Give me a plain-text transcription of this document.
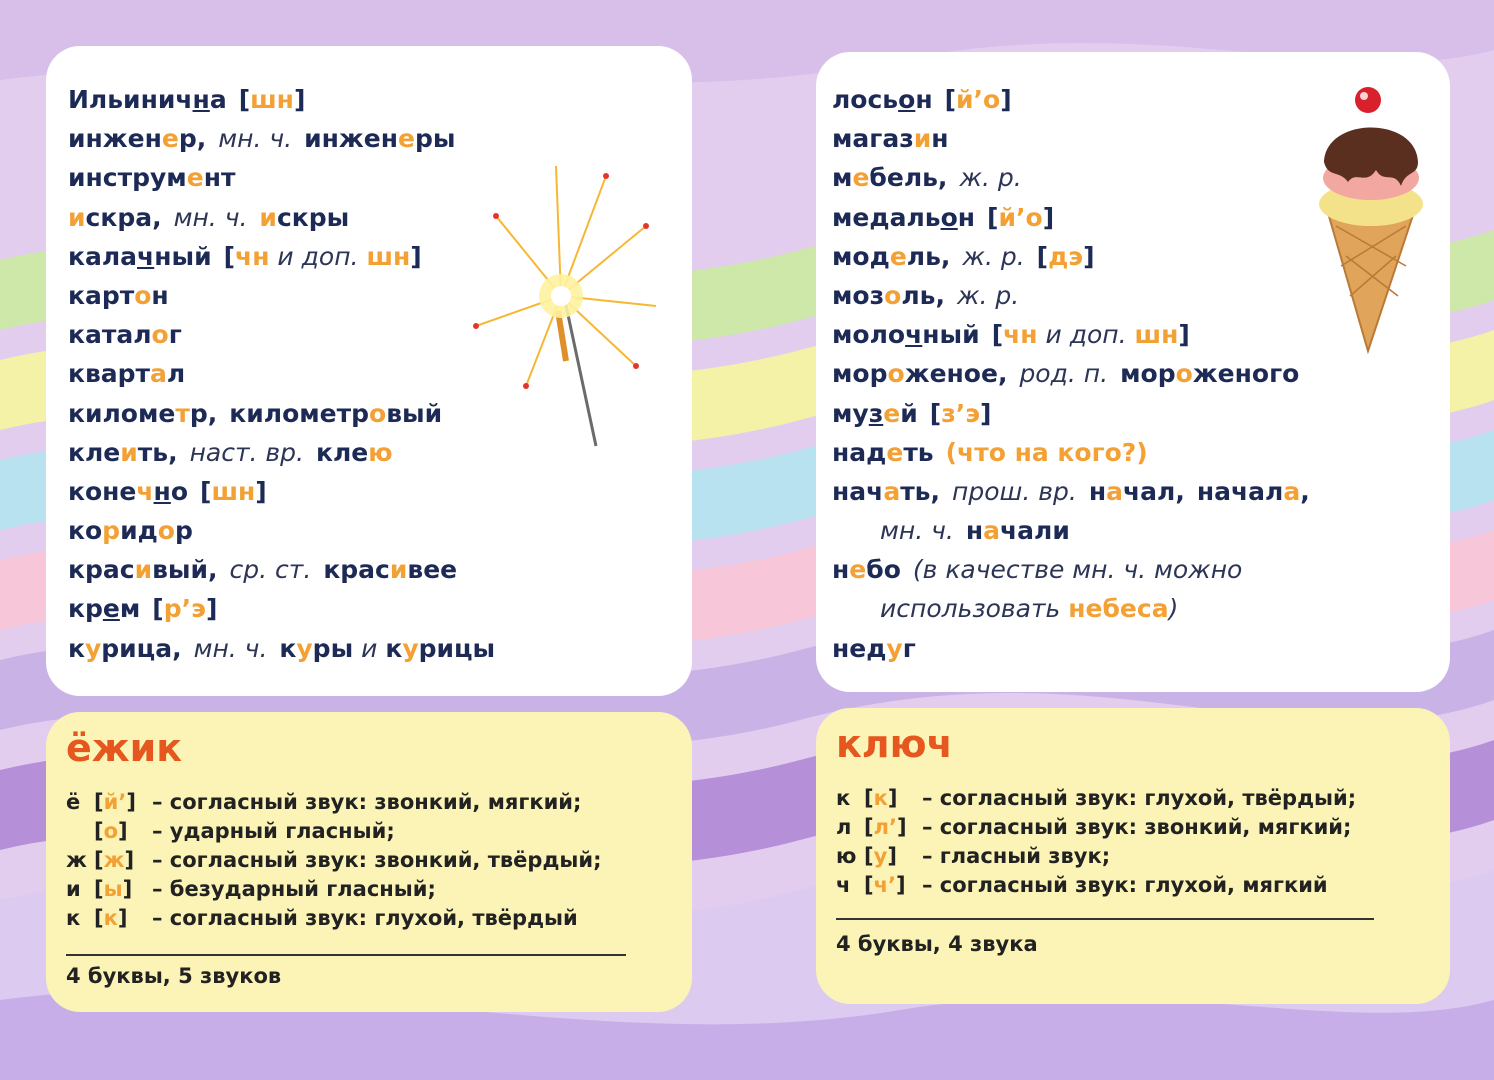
Ильинична [шн]
инженер, мн. ч. инженеры
инструмент
искра, мн. ч. искры
калачный [чн и доп. шн]
картон
каталог
квартал
километр, километровый
клеить, наст. вр. клею
конечно [шн]
коридор
красивый, ср. ст. красивее
крем [р’э]
курица, мн. ч. куры и курицы
лосьон [й’о]
магазин
мебель, ж. р.
медальон [й’о]
модель, ж. р. [дэ]
мозоль, ж. р.
молочный [чн и доп. шн]
мороженое, род. п. мороженого
музей [з’э]
надеть (что на кого?)
начать, прош. вр. начал, начала,
мн. ч. начали
небо (в качестве мн. ч. можно
использовать небеса)
недуг
ёжик
ё [й’] – согласный звук: звонкий, мягкий;
[о] – ударный гласный;
ж [ж] – согласный звук: звонкий, твёрдый;
и [ы] – безударный гласный;
к [к] – согласный звук: глухой, твёрдый
4 буквы, 5 звуков
ключ
к [к] – согласный звук: глухой, твёрдый;
л [л’] – согласный звук: звонкий, мягкий;
ю [у] – гласный звук;
ч [ч’] – согласный звук: глухой, мягкий
4 буквы, 4 звука
